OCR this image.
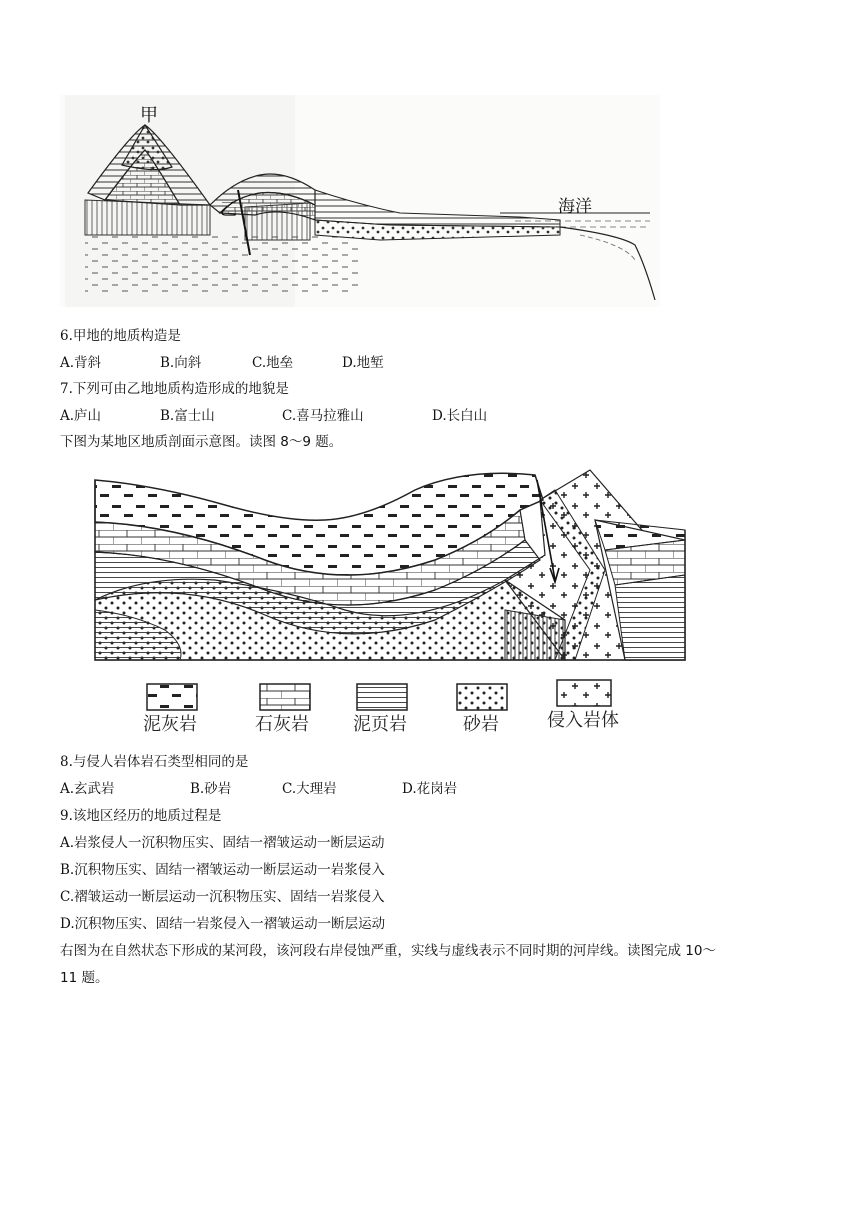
甲
乙	海洋
6.甲地的地质构造是
A.背斜	B.向斜	C.地垒	D.地堑
7.下列可由乙地地质构造形成的地貌是
A.庐山	B.富士山	C.喜马拉雅山	D.长白山
下图为某地区地质剖面示意图。读图 8～9 题。
泥灰岩	石灰岩 泥页岩	砂岩	侵入岩体
8.与侵人岩体岩石类型相同的是
A.玄武岩	B.砂岩	C.大理岩	D.花岗岩
9.该地区经历的地质过程是
A.岩浆侵人一沉积物压实、固结一褶皱运动一断层运动
B.沉积物压实、固结一褶皱运动一断层运动一岩浆侵入
C.褶皱运动一断层运动一沉积物压实、固结一岩浆侵入
D.沉积物压实、固结一岩浆侵入一褶皱运动一断层运动
右图为在自然状态下形成的某河段，该河段右岸侵蚀严重，实线与虚线表示不同时期的河岸线。读图完成 10～
11 题。
